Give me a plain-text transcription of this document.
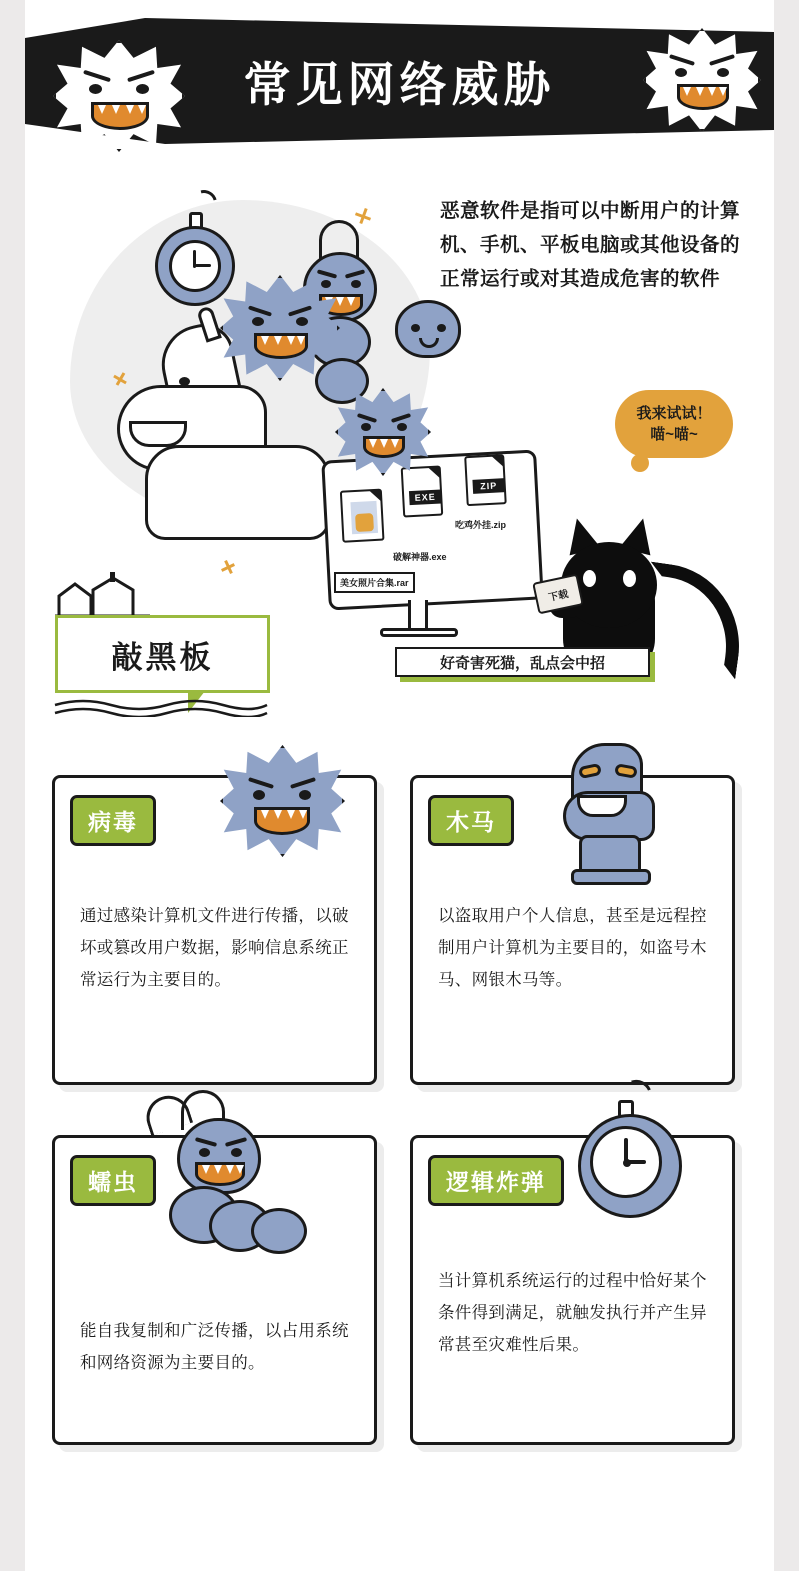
常见网络威胁
恶意软件是指可以中断用户的计算机、手机、平板电脑或其他设备的正常运行或对其造成危害的软件
EXE
ZIP
美女照片合集.rar
破解神器.exe
吃鸡外挂.zip
我来试试！
喵~喵~
下载
好奇害死猫，乱点会中招
敲黑板
病毒
通过感染计算机文件进行传播，以破坏或篡改用户数据，影响信息系统正常运行为主要目的。
木马
以盗取用户个人信息，甚至是远程控制用户计算机为主要目的，如盗号木马、网银木马等。
蠕虫
能自我复制和广泛传播，以占用系统和网络资源为主要目的。
逻辑炸弹
当计算机系统运行的过程中恰好某个条件得到满足，就触发执行并产生异常甚至灾难性后果。
